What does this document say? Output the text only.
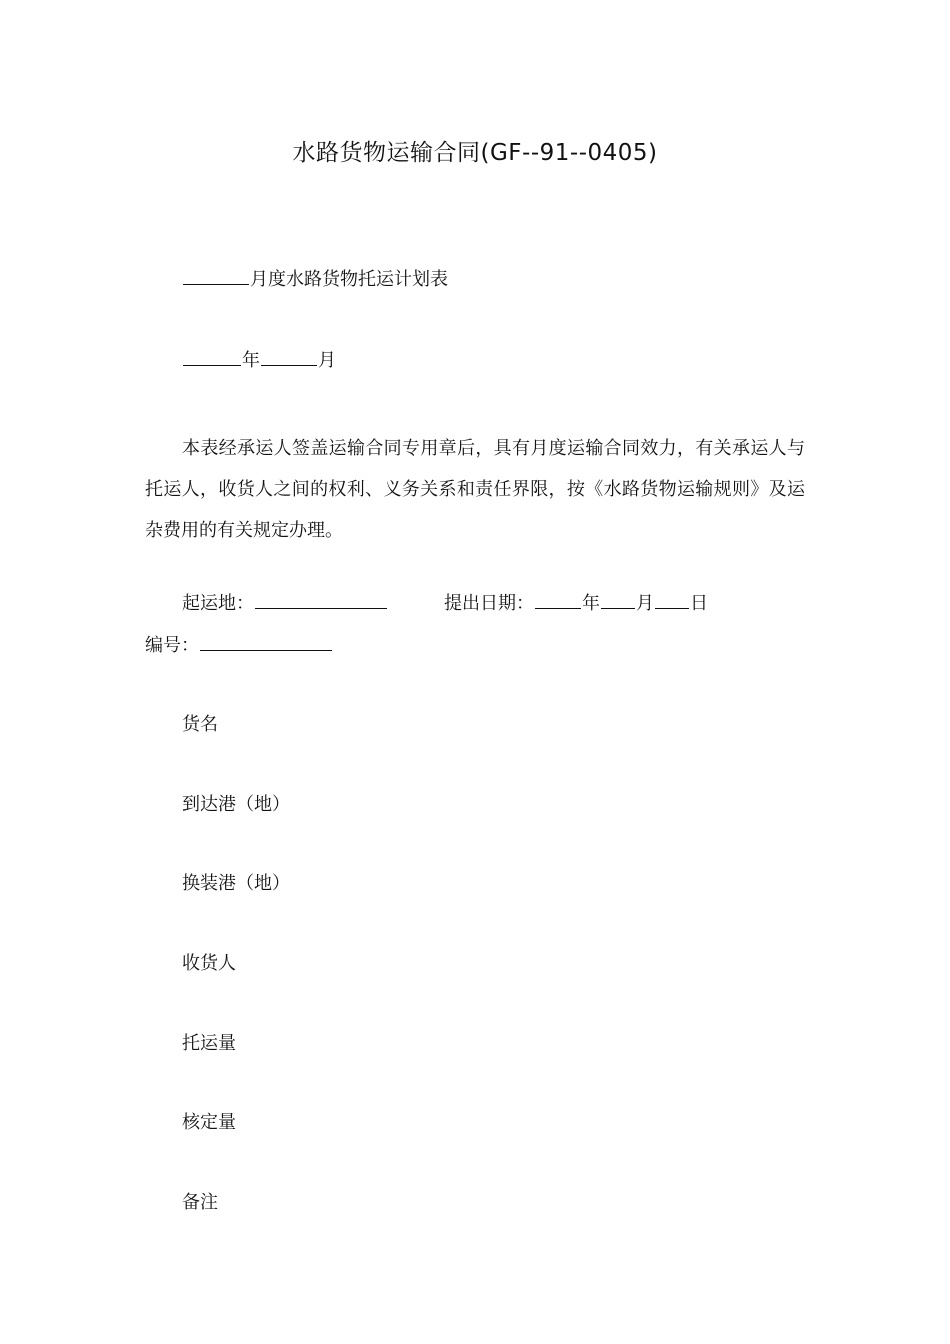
水路货物运输合同(GF--91--0405)
月度水路货物托运计划表
年	月
本表经承运人签盖运输合同专用章后，具有月度运输合同效力，有关承运人与托运人，收货人之间的权利、义务关系和责任界限，按《水路货物运输规则》及运杂费用的有关规定办理。
起运地：	提出日期：	年 月 日
编号：
货名
到达港（地）
换装港（地）
收货人
托运量
核定量
备注
